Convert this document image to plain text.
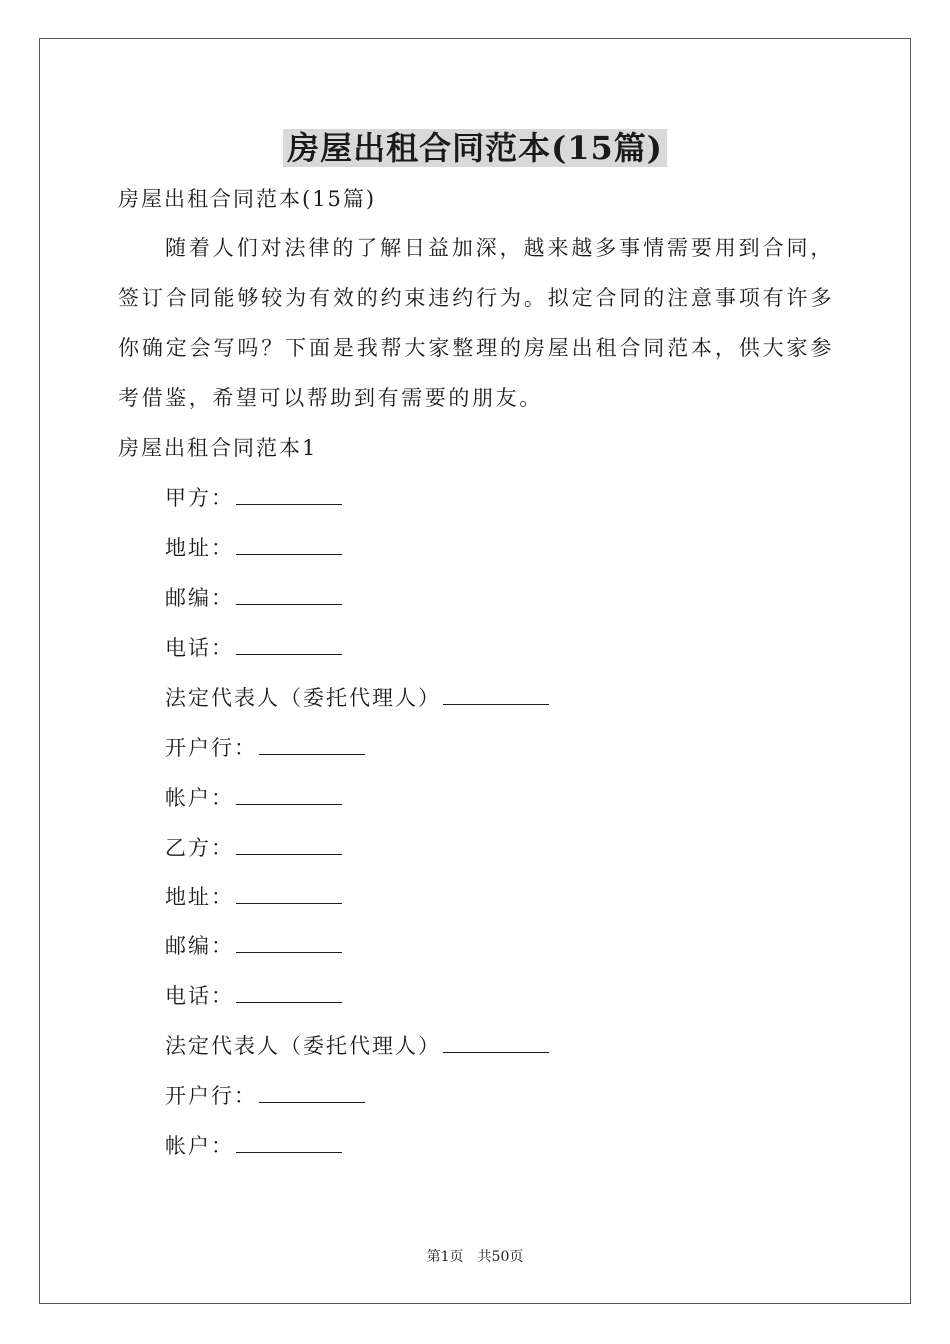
房屋出租合同范本(15篇)
房屋出租合同范本(15篇)
随着人们对法律的了解日益加深，越来越多事情需要用到合同，签订合同能够较为有效的约束违约行为。拟定合同的注意事项有许多你确定会写吗？下面是我帮大家整理的房屋出租合同范本，供大家参考借鉴，希望可以帮助到有需要的朋友。
房屋出租合同范本1
甲方：
地址：
邮编：
电话：
法定代表人（委托代理人）
开户行：
帐户：
乙方：
地址：
邮编：
电话：
法定代表人（委托代理人）
开户行：
帐户：
第1页　共50页
